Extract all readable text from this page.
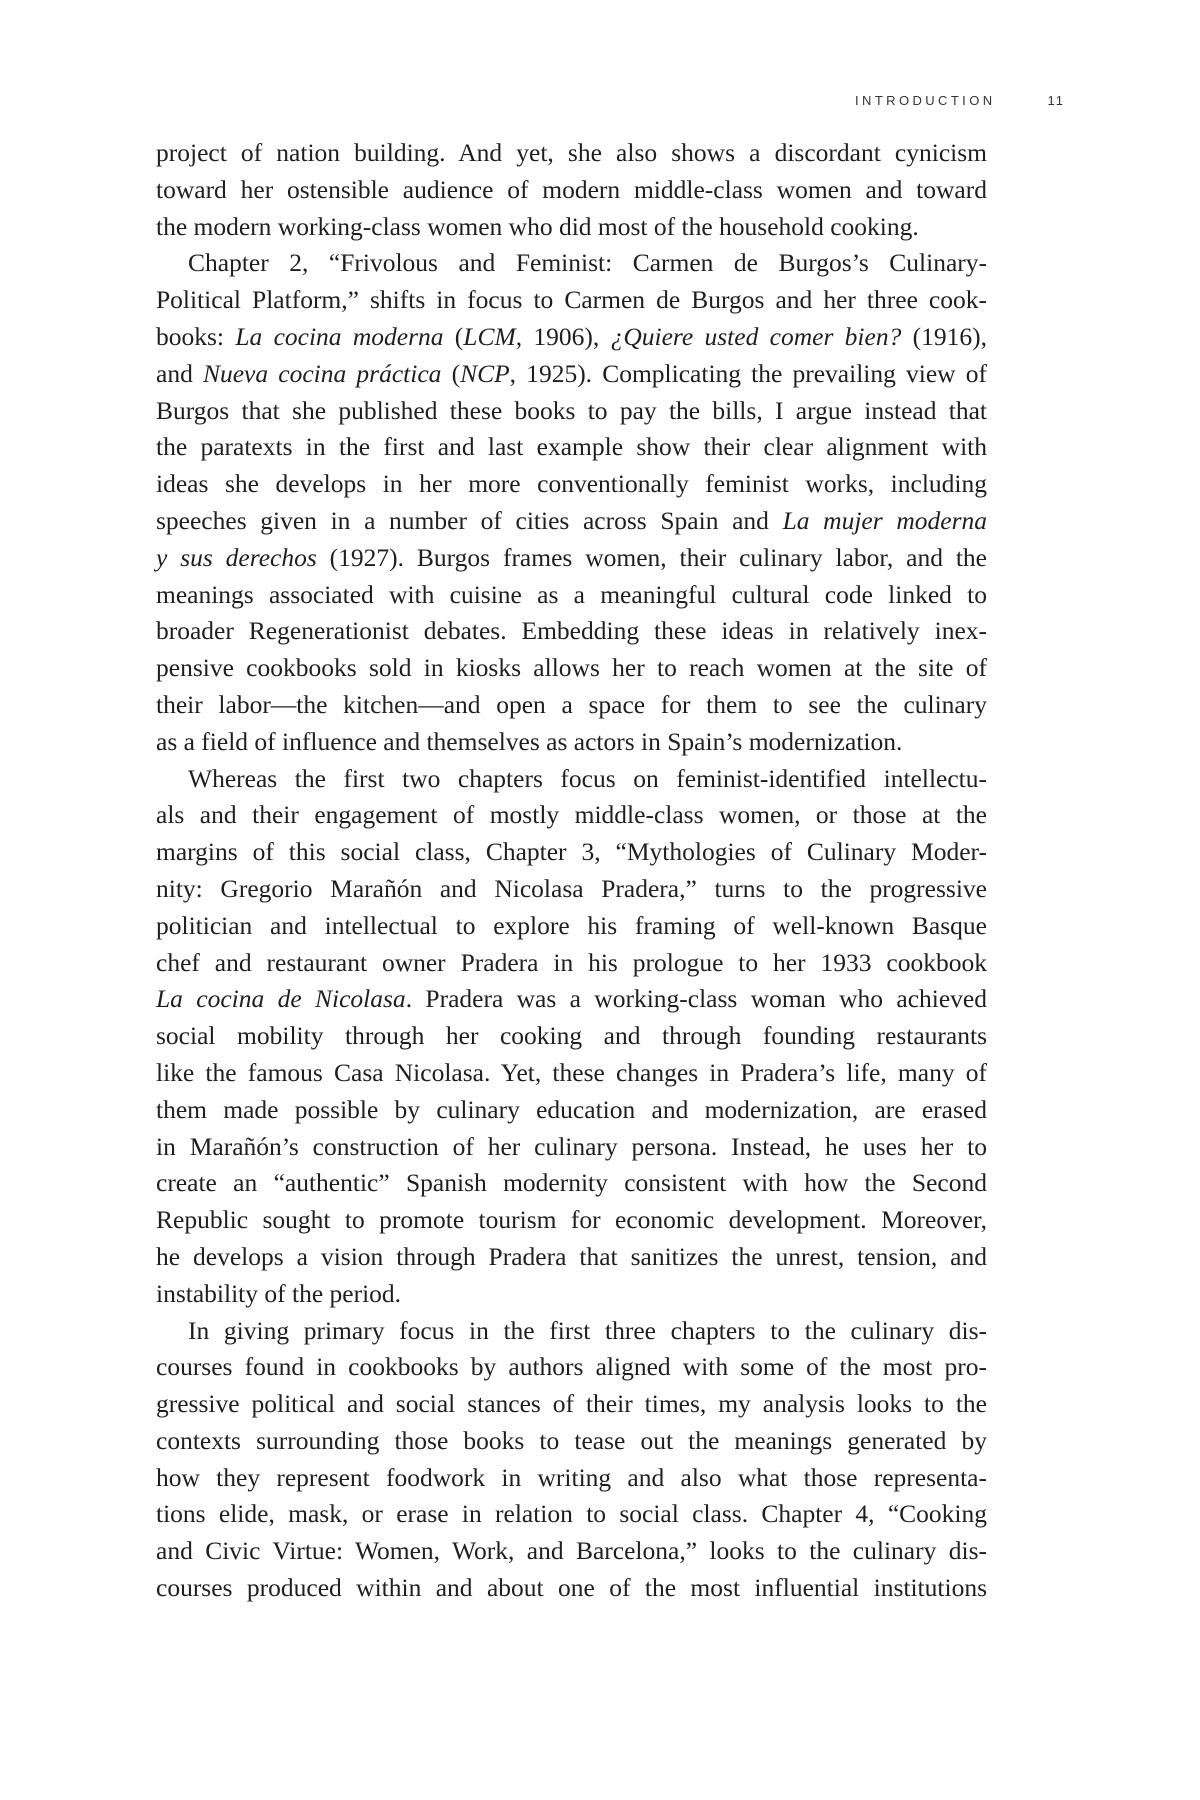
INTRODUCTION	11
project of nation building. And yet, she also shows a discordant cynicism
toward her ostensible audience of modern middle-class women and toward
the modern working-class women who did most of the household cooking.
Chapter 2, “Frivolous and Feminist: Carmen de Burgos’s Culinary-
Political Platform,” shifts in focus to Carmen de Burgos and her three cook-
books: La cocina moderna (LCM, 1906), ¿Quiere usted comer bien? (1916),
and Nueva cocina práctica (NCP, 1925). Complicating the prevailing view of
Burgos that she published these books to pay the bills, I argue instead that
the paratexts in the first and last example show their clear alignment with
ideas she develops in her more conventionally feminist works, including
speeches given in a number of cities across Spain and La mujer moderna
y sus derechos (1927). Burgos frames women, their culinary labor, and the
meanings associated with cuisine as a meaningful cultural code linked to
broader Regenerationist debates. Embedding these ideas in relatively inex-
pensive cookbooks sold in kiosks allows her to reach women at the site of
their labor—the kitchen—and open a space for them to see the culinary
as a field of influence and themselves as actors in Spain’s modernization.
Whereas the first two chapters focus on feminist-identified intellectu-
als and their engagement of mostly middle-class women, or those at the
margins of this social class, Chapter 3, “Mythologies of Culinary Moder-
nity: Gregorio Marañón and Nicolasa Pradera,” turns to the progressive
politician and intellectual to explore his framing of well-known Basque
chef and restaurant owner Pradera in his prologue to her 1933 cookbook
La cocina de Nicolasa. Pradera was a working-class woman who achieved
social mobility through her cooking and through founding restaurants
like the famous Casa Nicolasa. Yet, these changes in Pradera’s life, many of
them made possible by culinary education and modernization, are erased
in Marañón’s construction of her culinary persona. Instead, he uses her to
create an “authentic” Spanish modernity consistent with how the Second
Republic sought to promote tourism for economic development. Moreover,
he develops a vision through Pradera that sanitizes the unrest, tension, and
instability of the period.
In giving primary focus in the first three chapters to the culinary dis-
courses found in cookbooks by authors aligned with some of the most pro-
gressive political and social stances of their times, my analysis looks to the
contexts surrounding those books to tease out the meanings generated by
how they represent foodwork in writing and also what those representa-
tions elide, mask, or erase in relation to social class. Chapter 4, “Cooking
and Civic Virtue: Women, Work, and Barcelona,” looks to the culinary dis-
courses produced within and about one of the most influential institutions
